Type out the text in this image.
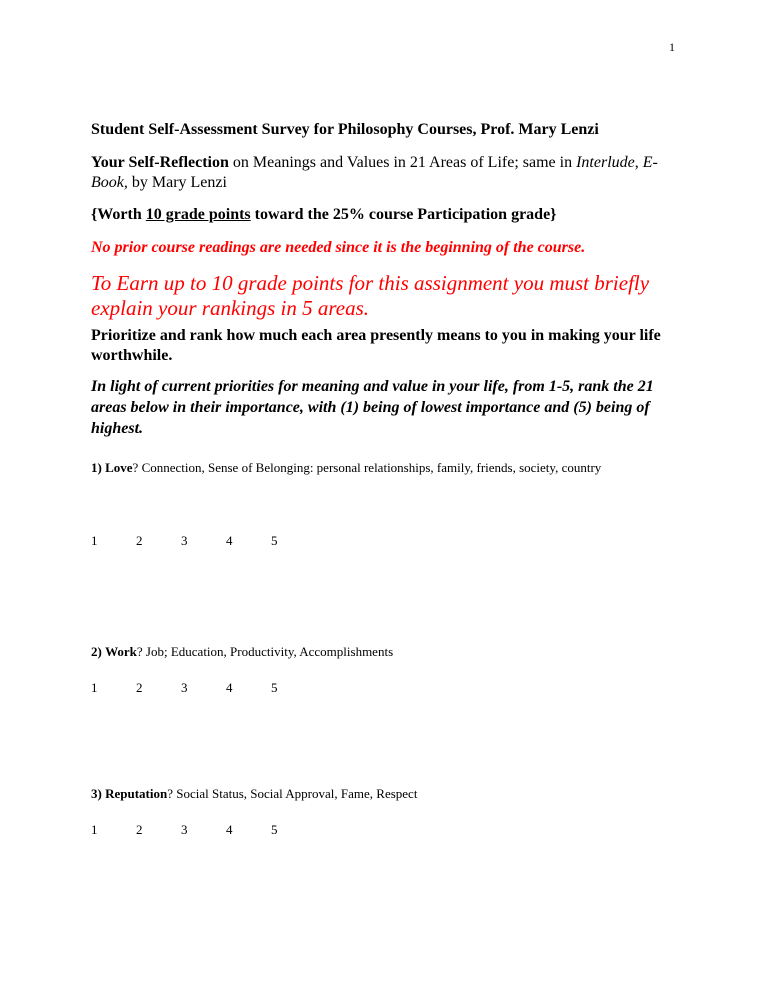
1
Student Self-Assessment Survey for Philosophy Courses, Prof. Mary Lenzi
Your Self-Reflection on Meanings and Values in 21 Areas of Life; same in Interlude, E-Book, by Mary Lenzi
{Worth 10 grade points toward the 25% course Participation grade}
No prior course readings are needed since it is the beginning of the course.
To Earn up to 10 grade points for this assignment you must briefly explain your rankings in 5 areas.
Prioritize and rank how much each area presently means to you in making your life worthwhile.
In light of current priorities for meaning and value in your life, from 1-5, rank the 21 areas below in their importance, with (1) being of lowest importance and (5) being of highest.
1) Love? Connection, Sense of Belonging: personal relationships, family, friends, society, country
1	2	3	4	5
2) Work? Job; Education, Productivity, Accomplishments
1	2	3	4	5
3) Reputation? Social Status, Social Approval, Fame, Respect
1	2	3	4	5
